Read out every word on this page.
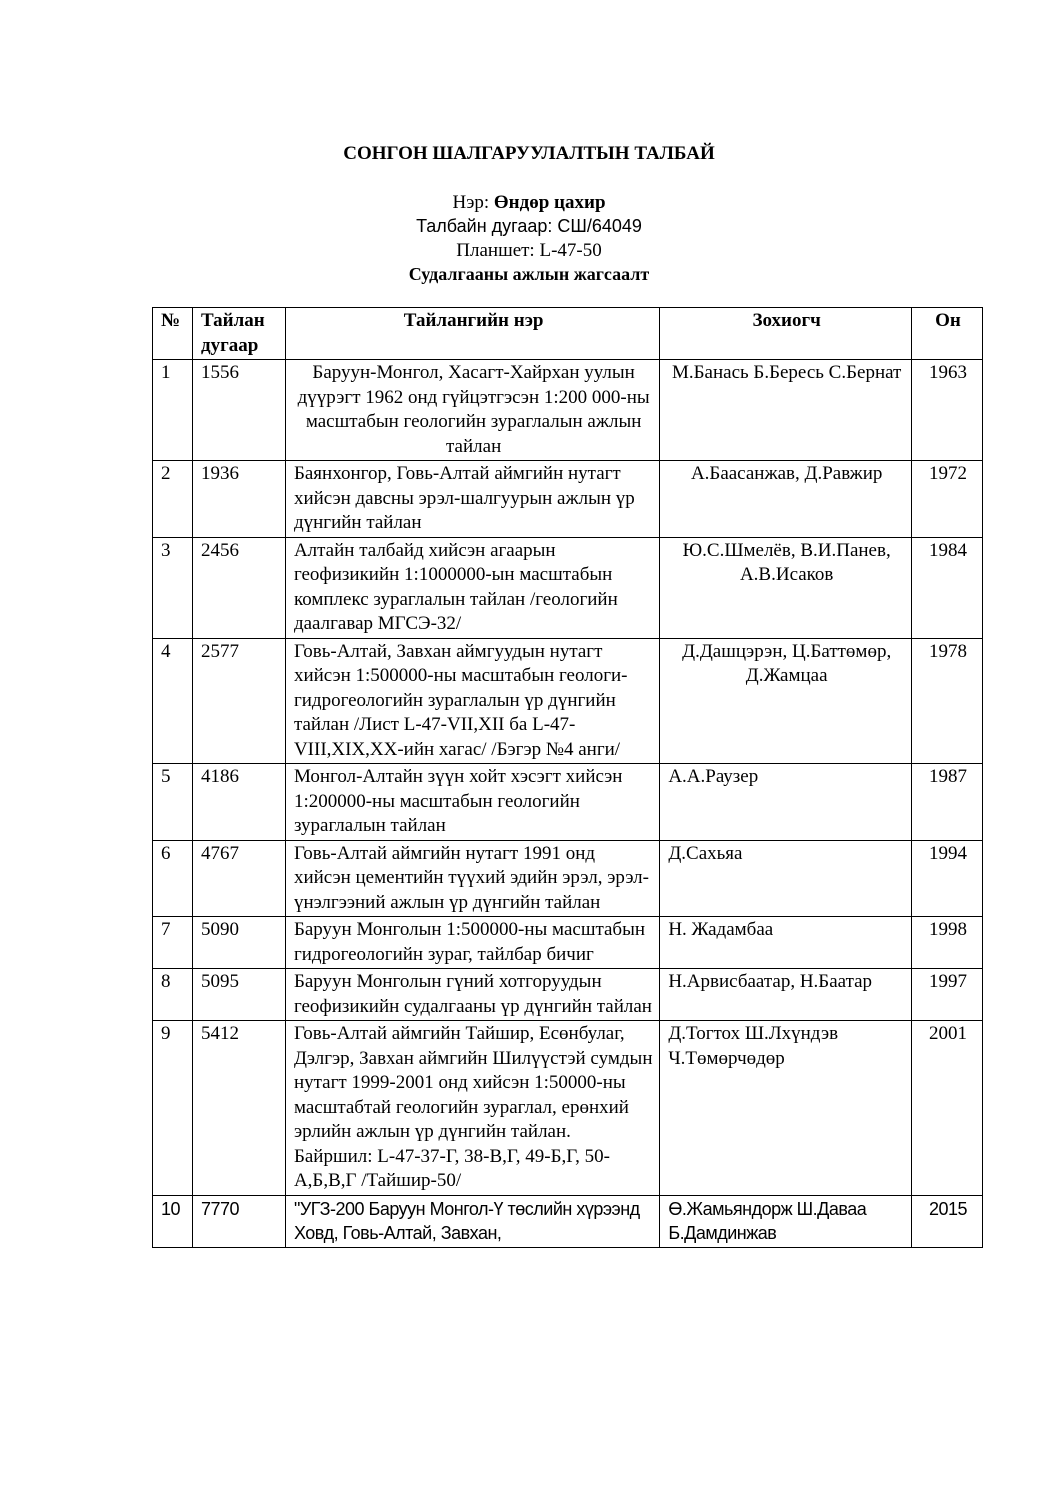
СОНГОН ШАЛГАРУУЛАЛТЫН ТАЛБАЙ
Нэр: Өндөр цахир
Талбайн дугаар: СШ/64049
Планшет: L-47-50
Судалгааны ажлын жагсаалт
№	Тайлан дугаар	Тайлангийн нэр	Зохиогч	Он
1	1556	Баруун-Монгол, Хасагт-Хайрхан уулын дүүрэгт 1962 онд гүйцэтгэсэн 1:200 000-ны масштабын геологийн зураглалын ажлын тайлан	М.Банась Б.Бересь С.Бернат	1963
2	1936	Баянхонгор, Говь-Алтай аймгийн нутагт хийсэн давсны эрэл-шалгуурын ажлын үр дүнгийн тайлан	А.Баасанжав, Д.Равжир	1972
3	2456	Алтайн талбайд хийсэн агаарын геофизикийн 1:1000000-ын масштабын комплекс зураглалын тайлан /геологийн даалгавар МГСЭ-32/	Ю.С.Шмелёв, В.И.Панев, А.В.Исаков	1984
4	2577	Говь-Алтай, Завхан аймгуудын нутагт хийсэн 1:500000-ны масштабын геологи-гидрогеологийн зураглалын үр дүнгийн тайлан /Лист L-47-VII,XII ба L-47-VIII,XIX,XX-ийн хагас/ /Бэгэр №4 анги/	Д.Дашцэрэн, Ц.Баттөмөр, Д.Жамцаа	1978
5	4186	Монгол-Алтайн зүүн хойт хэсэгт хийсэн 1:200000-ны масштабын геологийн зураглалын тайлан	А.А.Раузер	1987
6	4767	Говь-Алтай аймгийн нутагт 1991 онд хийсэн цементийн түүхий эдийн эрэл, эрэл-үнэлгээний ажлын үр дүнгийн тайлан	Д.Сахьяа	1994
7	5090	Баруун Монголын 1:500000-ны масштабын гидрогеологийн зураг, тайлбар бичиг	Н. Жадамбаа	1998
8	5095	Баруун Монголын гүний хотгоруудын геофизикийн судалгааны үр дүнгийн тайлан	Н.Арвисбаатар, Н.Баатар	1997
9	5412	Говь-Алтай аймгийн Тайшир, Есөнбулаг, Дэлгэр, Завхан аймгийн Шилүүстэй сумдын нутагт 1999-2001 онд хийсэн 1:50000-ны масштабтай геологийн зураглал, ерөнхий эрлийн ажлын үр дүнгийн тайлан. Байршил: L-47-37-Г, 38-В,Г, 49-Б,Г, 50-А,Б,В,Г /Тайшир-50/	Д.Тогтох Ш.Лхүндэв Ч.Төмөрчөдөр	2001
10	7770	"УГЗ-200 Баруун Монгол-Ү төслийн хүрээнд Ховд, Говь-Алтай, Завхан,	Ө.Жамьяндорж Ш.Даваа Б.Дамдинжав	2015
